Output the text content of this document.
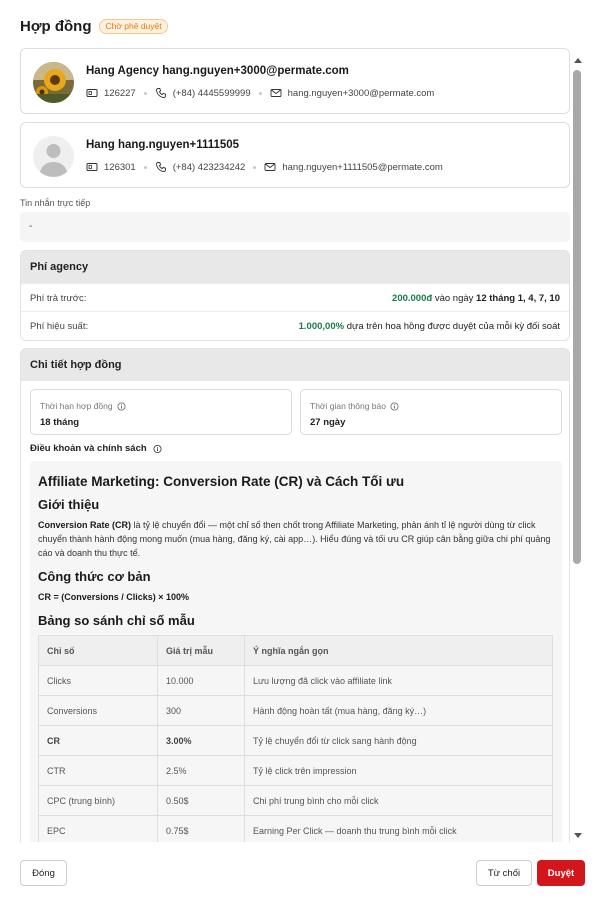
Hợp đồng	Chờ phê duyệt
Hang Agency hang.nguyen+3000@permate.com
126227	(+84) 4445599999	hang.nguyen+3000@permate.com
Hang hang.nguyen+1111505
126301	(+84) 423234242	hang.nguyen+1111505@permate.com
Tin nhắn trực tiếp
-
Phí agency
Phí trả trước:	200.000đ vào ngày 12 tháng 1, 4, 7, 10
Phí hiệu suất:	1.000,00% dựa trên hoa hồng được duyệt của mỗi kỳ đối soát
Chi tiết hợp đồng
Thời hạn hợp đồng
18 tháng
Thời gian thông báo
27 ngày
Điều khoản và chính sách
Affiliate Marketing: Conversion Rate (CR) và Cách Tối ưu
Giới thiệu

Conversion Rate (CR) là tỷ lệ chuyển đổi — một chỉ số then chốt trong Affiliate Marketing, phản ánh tỉ lệ người dùng từ click chuyển thành hành động mong muốn (mua hàng, đăng ký, cài app…). Hiểu đúng và tối ưu CR giúp cân bằng giữa chi phí quảng cáo và doanh thu thực tế.

Công thức cơ bản
CR = (Conversions / Clicks) × 100%
Bảng so sánh chỉ số mẫu
Chỉ số	Giá trị mẫu	Ý nghĩa ngắn gọn
Clicks	10.000	Lưu lượng đã click vào affiliate link
Conversions	300	Hành động hoàn tất (mua hàng, đăng ký…)
CR	3.00%	Tỷ lệ chuyển đổi từ click sang hành động
CTR	2.5%	Tỷ lệ click trên impression
CPC (trung bình)	0.50$	Chi phí trung bình cho mỗi click
EPC	0.75$	Earning Per Click — doanh thu trung bình mỗi click
Đóng	Từ chối	Duyệt
